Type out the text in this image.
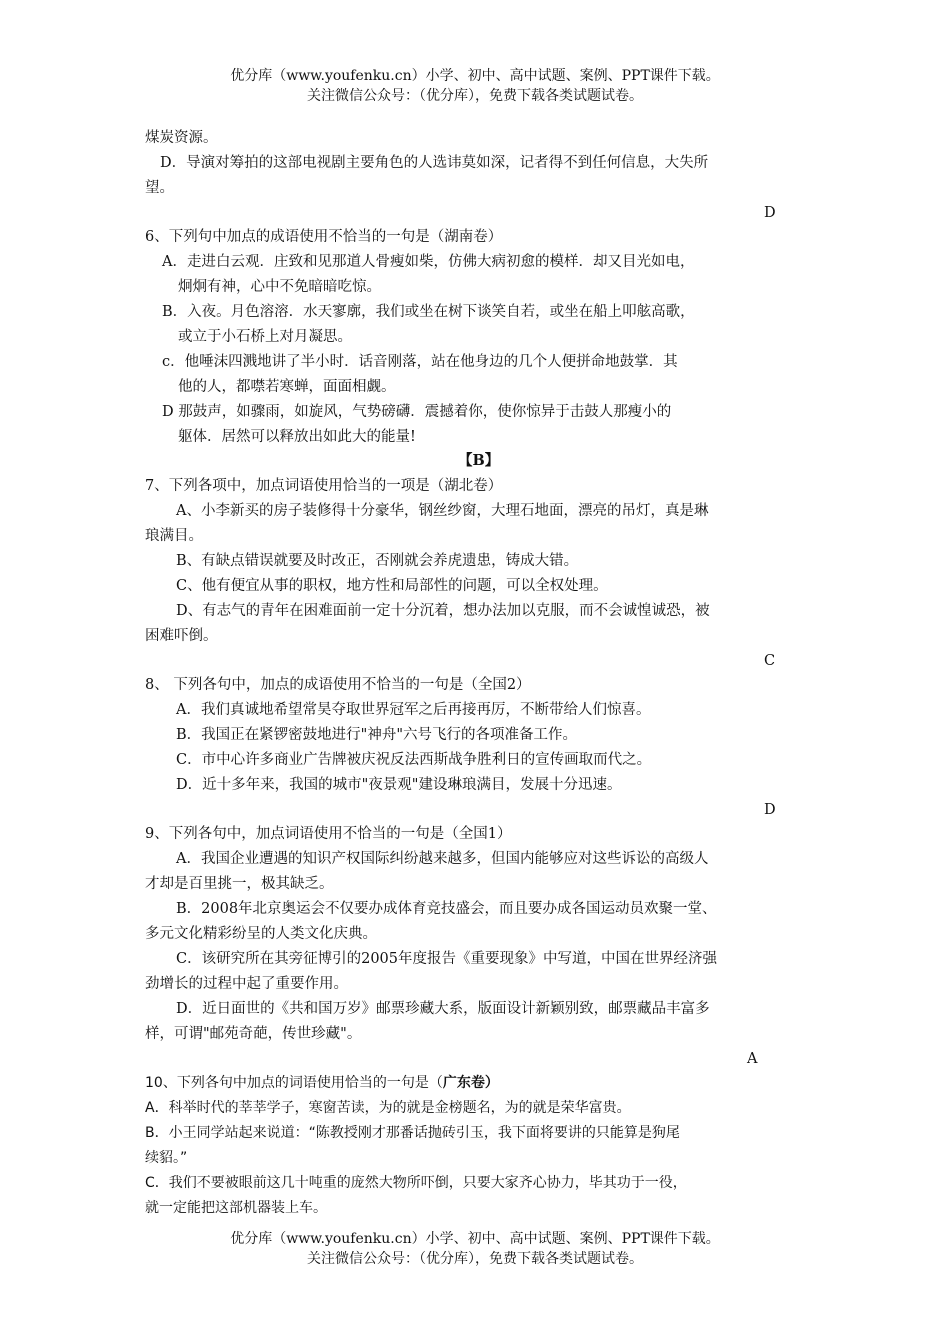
优分库（www.youfenku.cn）小学、初中、高中试题、案例、PPT课件下载。
关注微信公众号：（优分库），免费下载各类试题试卷。
煤炭资源。
D．导演对筹拍的这部电视剧主要角色的人选讳莫如深，记者得不到任何信息，大失所
望。
D
6、下列句中加点的成语使用不恰当的一句是（湖南卷）
A．走进白云观．庄致和见那道人骨瘦如柴，仿佛大病初愈的模样．却又目光如电，
炯炯有神，心中不免暗暗吃惊。
B．入夜。月色溶溶．水天寥廓，我们或坐在树下谈笑自若，或坐在船上叩舷高歌，
或立于小石桥上对月凝思。
c．他唾沫四溅地讲了半小时．话音刚落，站在他身边的几个人便拼命地鼓掌．其
他的人，都噤若寒蝉，面面相觑。
D 那鼓声，如骤雨，如旋风，气势磅礴．震撼着你，使你惊异于击鼓人那瘦小的
躯体．居然可以释放出如此大的能量!
【B】
7、下列各项中，加点词语使用恰当的一项是（湖北卷）
A、小李新买的房子装修得十分豪华，钢丝纱窗，大理石地面，漂亮的吊灯，真是琳
琅满目。
B、有缺点错误就要及时改正，否刚就会养虎遗患，铸成大错。
C、他有便宜从事的职权，地方性和局部性的问题，可以全权处理。
D、有志气的青年在困难面前一定十分沉着，想办法加以克服，而不会诚惶诚恐，被
困难吓倒。
C
8、 下列各句中，加点的成语使用不恰当的一句是（全国2）
A．我们真诚地希望常昊夺取世界冠军之后再接再厉，不断带给人们惊喜。
B．我国正在紧锣密鼓地进行"神舟"六号飞行的各项准备工作。
C．市中心许多商业广告牌被庆祝反法西斯战争胜利日的宣传画取而代之。
D．近十多年来，我国的城市"夜景观"建设琳琅满目，发展十分迅速。
D
9、下列各句中，加点词语使用不恰当的一句是（全国1）
A．我国企业遭遇的知识产权国际纠纷越来越多，但国内能够应对这些诉讼的高级人
才却是百里挑一，极其缺乏。
B．2008年北京奥运会不仅要办成体育竞技盛会，而且要办成各国运动员欢聚一堂、
多元文化精彩纷呈的人类文化庆典。
C．该研究所在其旁征博引的2005年度报告《重要现象》中写道，中国在世界经济强
劲增长的过程中起了重要作用。
D．近日面世的《共和国万岁》邮票珍藏大系，版面设计新颖别致，邮票藏品丰富多
样，可谓"邮苑奇葩，传世珍藏"。
A
10、下列各句中加点的词语使用恰当的一句是（广东卷）
A．科举时代的莘莘学子，寒窗苦读，为的就是金榜题名，为的就是荣华富贵。
B．小王同学站起来说道：“陈教授刚才那番话抛砖引玉，我下面将要讲的只能算是狗尾
续貂。”
C．我们不要被眼前这几十吨重的庞然大物所吓倒，只要大家齐心协力，毕其功于一役，
就一定能把这部机器装上车。
优分库（www.youfenku.cn）小学、初中、高中试题、案例、PPT课件下载。
关注微信公众号：（优分库），免费下载各类试题试卷。
